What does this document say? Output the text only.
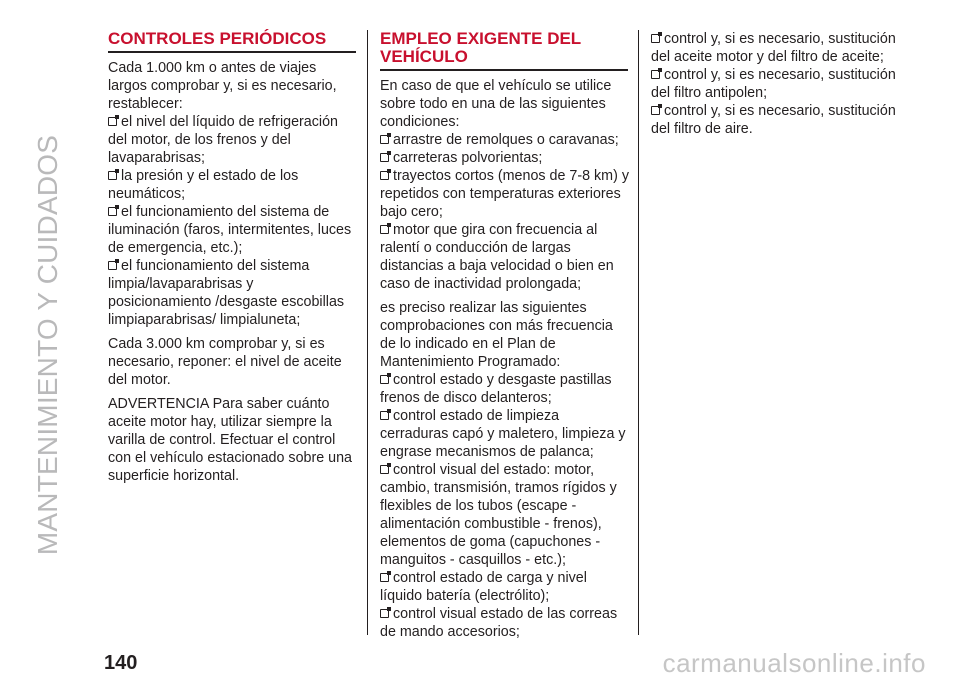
MANTENIMIENTO Y CUIDADOS
CONTROLES PERIÓDICOS

Cada 1.000 km o antes de viajes largos comprobar y, si es necesario, restablecer:

el nivel del líquido de refrigeración del motor, de los frenos y del lavaparabrisas;
la presión y el estado de los neumáticos;
el funcionamiento del sistema de iluminación (faros, intermitentes, luces de emergencia, etc.);
el funcionamiento del sistema limpia/lavaparabrisas y posicionamiento /desgaste escobillas limpiaparabrisas/ limpialuneta;

Cada 3.000 km comprobar y, si es necesario, reponer: el nivel de aceite del motor.

ADVERTENCIA Para saber cuánto aceite motor hay, utilizar siempre la varilla de control. Efectuar el control con el vehículo estacionado sobre una superficie horizontal.

EMPLEO EXIGENTE DEL
VEHÍCULO

En caso de que el vehículo se utilice sobre todo en una de las siguientes condiciones:

arrastre de remolques o caravanas;
carreteras polvorientas;
trayectos cortos (menos de 7-8 km) y repetidos con temperaturas exteriores bajo cero;
motor que gira con frecuencia al ralentí o conducción de largas distancias a baja velocidad o bien en caso de inactividad prolongada;

es preciso realizar las siguientes comprobaciones con más frecuencia de lo indicado en el Plan de Mantenimiento Programado:

control estado y desgaste pastillas frenos de disco delanteros;
control estado de limpieza cerraduras capó y maletero, limpieza y engrase mecanismos de palanca;
control visual del estado: motor, cambio, transmisión, tramos rígidos y flexibles de los tubos (escape - alimentación combustible - frenos), elementos de goma (capuchones - manguitos - casquillos - etc.);
control estado de carga y nivel líquido batería (electrólito);
control visual estado de las correas de mando accesorios;
control y, si es necesario, sustitución del aceite motor y del filtro de aceite;
control y, si es necesario, sustitución del filtro antipolen;
control y, si es necesario, sustitución del filtro de aire.
140	carmanualsonline.info
